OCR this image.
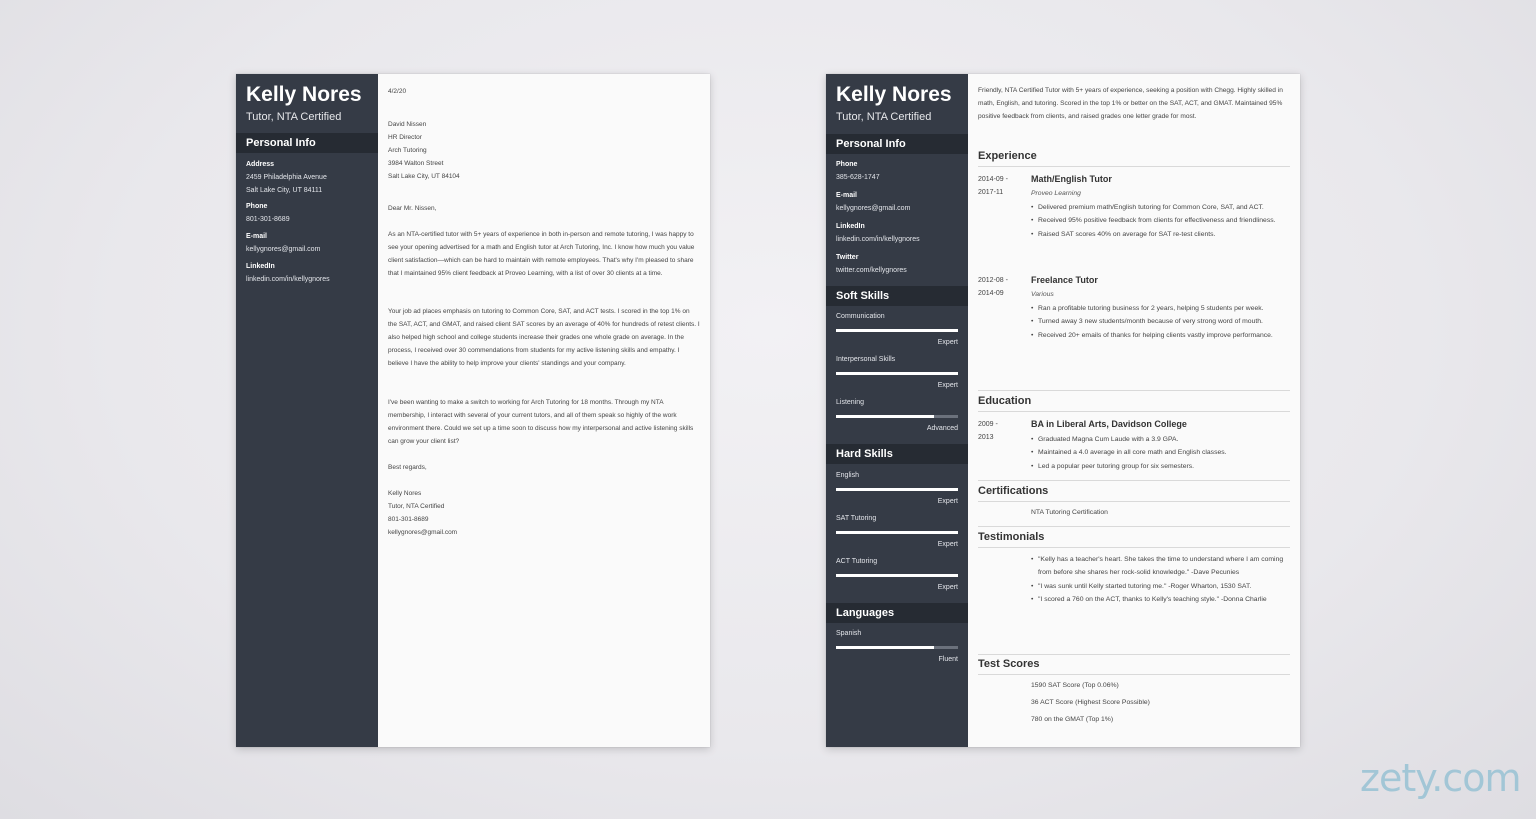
Kelly Nores
Tutor, NTA Certified
Personal Info
Address
2459 Philadelphia Avenue
Salt Lake City, UT 84111
Phone
801-301-8689
E-mail
kellygnores@gmail.com
LinkedIn
linkedin.com/in/kellygnores
4/2/20

David Nissen

HR Director

Arch Tutoring

3984 Walton Street

Salt Lake City, UT 84104

Dear Mr. Nissen,
As an NTA-certified tutor with 5+ years of experience in both in-person and remote tutoring, I was happy to see your opening advertised for a math and English tutor at Arch Tutoring, Inc. I know how much you value client satisfaction—which can be hard to maintain with remote employees. That's why I'm pleased to share that I maintained 95% client feedback at Proveo Learning, with a list of over 30 clients at a time.
Your job ad places emphasis on tutoring to Common Core, SAT, and ACT tests. I scored in the top 1% on the SAT, ACT, and GMAT, and raised client SAT scores by an average of 40% for hundreds of retest clients. I also helped high school and college students increase their grades one whole grade on average. In the process, I received over 30 commendations from students for my active listening skills and empathy. I believe I have the ability to help improve your clients' standings and your company.
I've been wanting to make a switch to working for Arch Tutoring for 18 months. Through my NTA membership, I interact with several of your current tutors, and all of them speak so highly of the work environment there. Could we set up a time soon to discuss how my interpersonal and active listening skills can grow your client list?
Best regards,

Kelly Nores

Tutor, NTA Certified

801-301-8689

kellygnores@gmail.com

Kelly Nores
Tutor, NTA Certified
Personal Info
Phone
385-628-1747
E-mail
kellygnores@gmail.com
LinkedIn
linkedin.com/in/kellygnores
Twitter
twitter.com/kellygnores
Soft Skills
Communication
Expert
Interpersonal Skills
Expert
Listening
Advanced
Hard Skills
English
Expert
SAT Tutoring
Expert
ACT Tutoring
Expert
Languages
Spanish
Fluent
Friendly, NTA Certified Tutor with 5+ years of experience, seeking a position with Chegg. Highly skilled in math, English, and tutoring. Scored in the top 1% or better on the SAT, ACT, and GMAT. Maintained 95% positive feedback from clients, and raised grades one letter grade for most.
Experience
2014-09 -
2017-11
Math/English Tutor
Proveo Learning
• Delivered premium math/English tutoring for Common Core, SAT, and ACT.
• Received 95% positive feedback from clients for effectiveness and friendliness.
• Raised SAT scores 40% on average for SAT re-test clients.
2012-08 -
2014-09
Freelance Tutor
Various
• Ran a profitable tutoring business for 2 years, helping 5 students per week.
• Turned away 3 new students/month because of very strong word of mouth.
• Received 20+ emails of thanks for helping clients vastly improve performance.
Education
2009 -
2013
BA in Liberal Arts, Davidson College
• Graduated Magna Cum Laude with a 3.9 GPA.
• Maintained a 4.0 average in all core math and English classes.
• Led a popular peer tutoring group for six semesters.
Certifications
NTA Tutoring Certification
Testimonials
• "Kelly has a teacher's heart. She takes the time to understand where I am coming from before she shares her rock-solid knowledge." -Dave Pecunies
• "I was sunk until Kelly started tutoring me." -Roger Wharton, 1530 SAT.
• "I scored a 760 on the ACT, thanks to Kelly's teaching style." -Donna Charlie
Test Scores
1590 SAT Score (Top 0.06%)
36 ACT Score (Highest Score Possible)
780 on the GMAT (Top 1%)
zety.com
